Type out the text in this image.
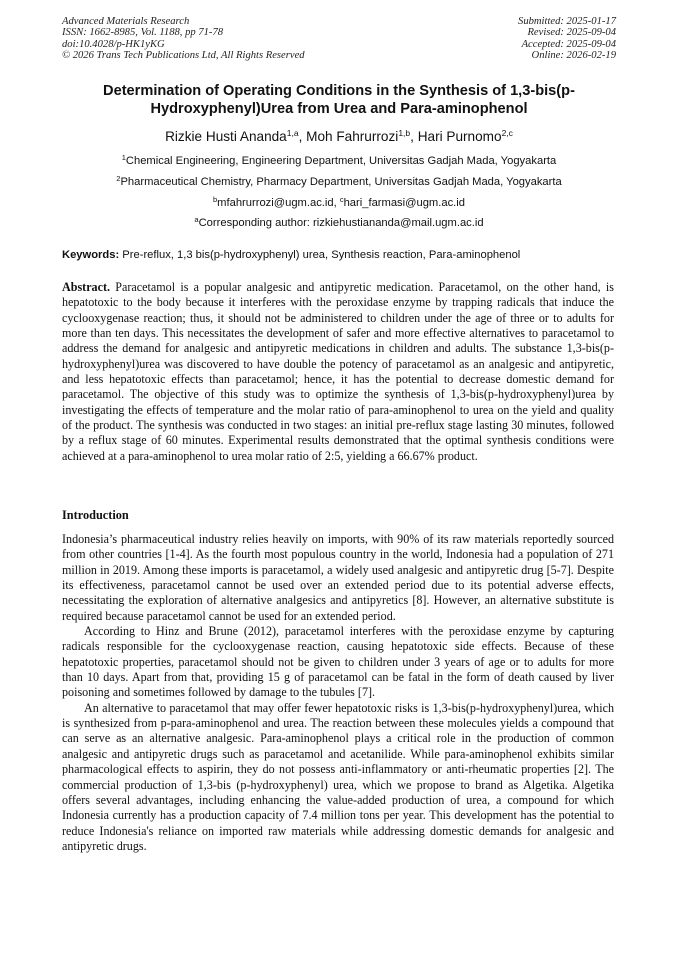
Advanced Materials Research
ISSN: 1662-8985, Vol. 1188, pp 71-78
doi:10.4028/p-HK1yKG
© 2026 Trans Tech Publications Ltd, All Rights Reserved
Submitted: 2025-01-17
Revised: 2025-09-04
Accepted: 2025-09-04
Online: 2026-02-19
Determination of Operating Conditions in the Synthesis of 1,3-bis(p-Hydroxyphenyl)Urea from Urea and Para-aminophenol
Rizkie Husti Ananda$^{1,a}$, Moh Fahrurrozi$^{1,b}$, Hari Purnomo$^{2,c}$
$^1$Chemical Engineering, Engineering Department, Universitas Gadjah Mada, Yogyakarta
$^2$Pharmaceutical Chemistry, Pharmacy Department, Universitas Gadjah Mada, Yogyakarta
$^b$mfahrurrozi@ugm.ac.id, $^c$hari_farmasi@ugm.ac.id
$^a$Corresponding author: rizkiehustiananda@mail.ugm.ac.id
Keywords: Pre-reflux, 1,3 bis(p-hydroxyphenyl) urea, Synthesis reaction, Para-aminophenol

Abstract. Paracetamol is a popular analgesic and antipyretic medication. Paracetamol, on the other hand, is hepatotoxic to the body because it interferes with the peroxidase enzyme by trapping radicals that induce the cyclooxygenase reaction; thus, it should not be administered to children under the age of three or to adults for more than ten days. This necessitates the development of safer and more effective alternatives to paracetamol to address the demand for analgesic and antipyretic medications in children and adults. The substance 1,3-bis(p-hydroxyphenyl)urea was discovered to have double the potency of paracetamol as an analgesic and antipyretic, and less hepatotoxic effects than paracetamol; hence, it has the potential to decrease domestic demand for paracetamol. The objective of this study was to optimize the synthesis of 1,3-bis(p-hydroxyphenyl)urea by investigating the effects of temperature and the molar ratio of para-aminophenol to urea on the yield and quality of the product. The synthesis was conducted in two stages: an initial pre-reflux stage lasting 30 minutes, followed by a reflux stage of 60 minutes. Experimental results demonstrated that the optimal synthesis conditions were achieved at a para-aminophenol to urea molar ratio of 2:5, yielding a 66.67% product.

Introduction

Indonesia’s pharmaceutical industry relies heavily on imports, with 90% of its raw materials reportedly sourced from other countries [1-4]. As the fourth most populous country in the world, Indonesia had a population of 271 million in 2019. Among these imports is paracetamol, a widely used analgesic and antipyretic drug [5-7]. Despite its effectiveness, paracetamol cannot be used over an extended period due to its potential adverse effects, necessitating the exploration of alternative analgesics and antipyretics [8]. However, an alternative substitute is required because paracetamol cannot be used for an extended period.

According to Hinz and Brune (2012), paracetamol interferes with the peroxidase enzyme by capturing radicals responsible for the cyclooxygenase reaction, causing hepatotoxic side effects. Because of these hepatotoxic properties, paracetamol should not be given to children under 3 years of age or to adults for more than 10 days. Apart from that, providing 15 g of paracetamol can be fatal in the form of death caused by liver poisoning and sometimes followed by damage to the tubules [7].

An alternative to paracetamol that may offer fewer hepatotoxic risks is 1,3-bis(p-hydroxyphenyl)urea, which is synthesized from p-para-aminophenol and urea. The reaction between these molecules yields a compound that can serve as an alternative analgesic. Para-aminophenol plays a critical role in the production of common analgesic and antipyretic drugs such as paracetamol and acetanilide. While para-aminophenol exhibits similar pharmacological effects to aspirin, they do not possess anti-inflammatory or anti-rheumatic properties [2]. The commercial production of 1,3-bis (p-hydroxyphenyl) urea, which we propose to brand as Algetika. Algetika offers several advantages, including enhancing the value-added production of urea, a compound for which Indonesia currently has a production capacity of 7.4 million tons per year. This development has the potential to reduce Indonesia's reliance on imported raw materials while addressing domestic demands for analgesic and antipyretic drugs.
